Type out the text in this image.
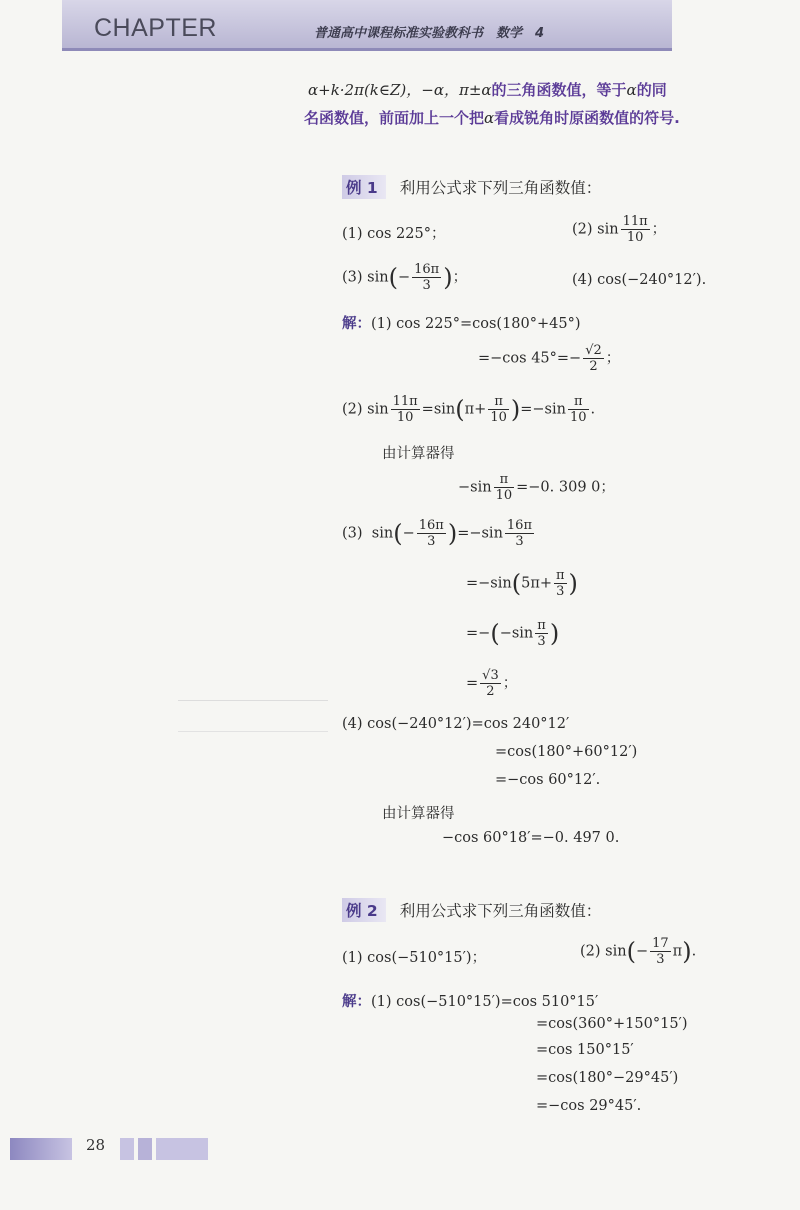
CHAPTER	普通高中课程标准实验教科书　数学　4
α+k·2π(k∈Z)，−α，π±α的三角函数值，等于α的同
名函数值，前面加上一个把α看成锐角时原函数值的符号.
例 1 利用公式求下列三角函数值：
(1) cos 225°；	(2) $\sin \frac{11\pi}{10}$ ；
(3) $\sin(- \frac{16\pi}{3}$ )；	(4) cos(−240°12′).
解：(1) cos 225°=cos(180°+45°)
=−cos $45^\circ=- \frac{√2}{2}$ ；
(2) $\sin \frac{11\pi}{10} =\sin(\pi+ \frac{\pi}{10} )=-\sin \frac{\pi}{10}$ .
由计算器得
$-\sin \frac{\pi}{10} =-0$. 309 0；
(3)  $\sin(- \frac{16\pi}{3} )=-\sin \frac{16\pi}{3}$
$=-\sin(5\pi+ \frac{\pi}{3}$ )
$=-(-\sin \frac{\pi}{3}$ )
= $\frac{√3}{2}$ ；
(4) cos(−240°12′)=cos 240°12′
=cos(180°+60°12′)
=−cos 60°12′.
由计算器得
−cos 60°18′=−0. 497 0.
例 2 利用公式求下列三角函数值：
(1) cos(−510°15′)；	(2) $\sin(- \frac{17}{3} \pi)$.
解：(1) cos(−510°15′)=cos 510°15′
=cos(360°+150°15′)
=cos 150°15′
=cos(180°−29°45′)
=−cos 29°45′.
28
